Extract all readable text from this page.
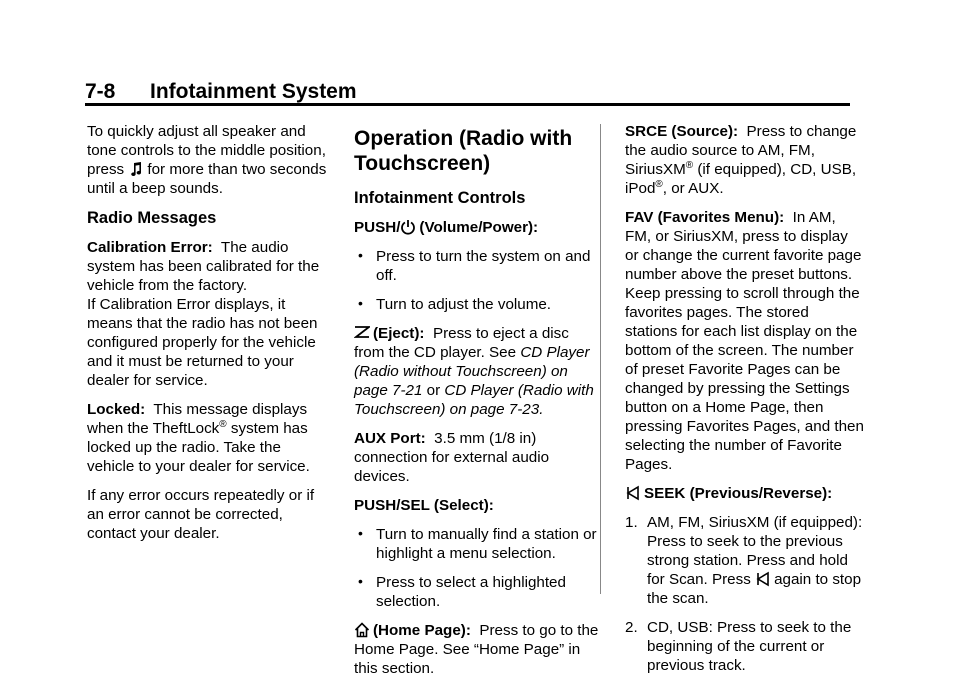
7-8 Infotainment System

To quickly adjust all speaker and tone controls to the middle position, press for more than two seconds until a beep sounds.

Radio Messages

Calibration Error: The audio system has been calibrated for the vehicle from the factory.

If Calibration Error displays, it means that the radio has not been configured properly for the vehicle and it must be returned to your dealer for service.

Locked: This message displays when the TheftLock® system has locked up the radio. Take the vehicle to your dealer for service.

If any error occurs repeatedly or if an error cannot be corrected, contact your dealer.

Operation (Radio with Touchscreen)
Infotainment Controls

PUSH/ (Volume/Power):

• Press to turn the system on and off.
• Turn to adjust the volume.

(Eject): Press to eject a disc from the CD player. See CD Player (Radio without Touchscreen) on page 7-21 or CD Player (Radio with Touchscreen) on page 7-23.

AUX Port: 3.5 mm (1/8 in) connection for external audio devices.

PUSH/SEL (Select):

• Turn to manually find a station or highlight a menu selection.
• Press to select a highlighted selection.

(Home Page): Press to go to the Home Page. See “Home Page” in this section.

SRCE (Source): Press to change the audio source to AM, FM, SiriusXM® (if equipped), CD, USB, iPod®, or AUX.

FAV (Favorites Menu): In AM, FM, or SiriusXM, press to display or change the current favorite page number above the preset buttons. Keep pressing to scroll through the favorites pages. The stored stations for each list display on the bottom of the screen. The number of preset Favorite Pages can be changed by pressing the Settings button on a Home Page, then pressing Favorites Pages, and then selecting the number of Favorite Pages.

SEEK (Previous/Reverse):

1. AM, FM, SiriusXM (if equipped): Press to seek to the previous strong station. Press and hold for Scan. Press again to stop the scan.
2. CD, USB: Press to seek to the beginning of the current or previous track.
